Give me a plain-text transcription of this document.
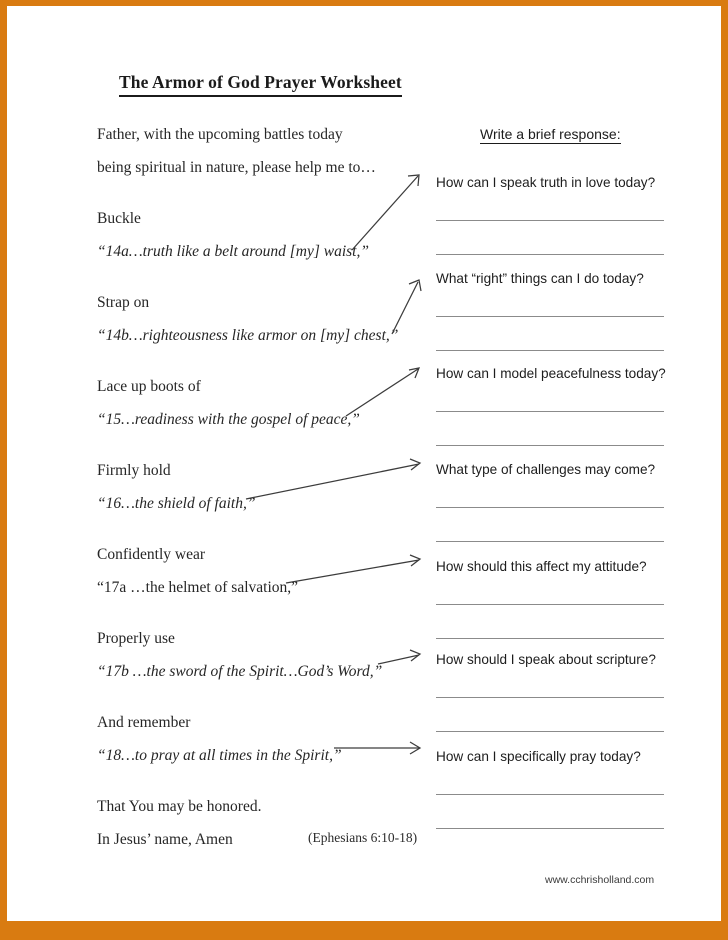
The Armor of God Prayer Worksheet
Father, with the upcoming battles today
being spiritual in nature, please help me to…
Buckle
“14a…truth like a belt around [my] waist,”
Strap on
“14b…righteousness like armor on [my] chest,”
Lace up boots of
“15…readiness with the gospel of peace,”
Firmly hold
“16…the shield of faith,”
Confidently wear
“17a …the helmet of salvation,”
Properly use
“17b …the sword of the Spirit…God’s Word,”
And remember
“18…to pray at all times in the Spirit,”
That You may be honored.
In Jesus’ name, Amen	(Ephesians 6:10-18)
Write a brief response:
How can I speak truth in love today?
What “right” things can I do today?
How can I model peacefulness today?
What type of challenges may come?
How should this affect my attitude?
How should I speak about scripture?
How can I specifically pray today?
www.cchrisholland.com
